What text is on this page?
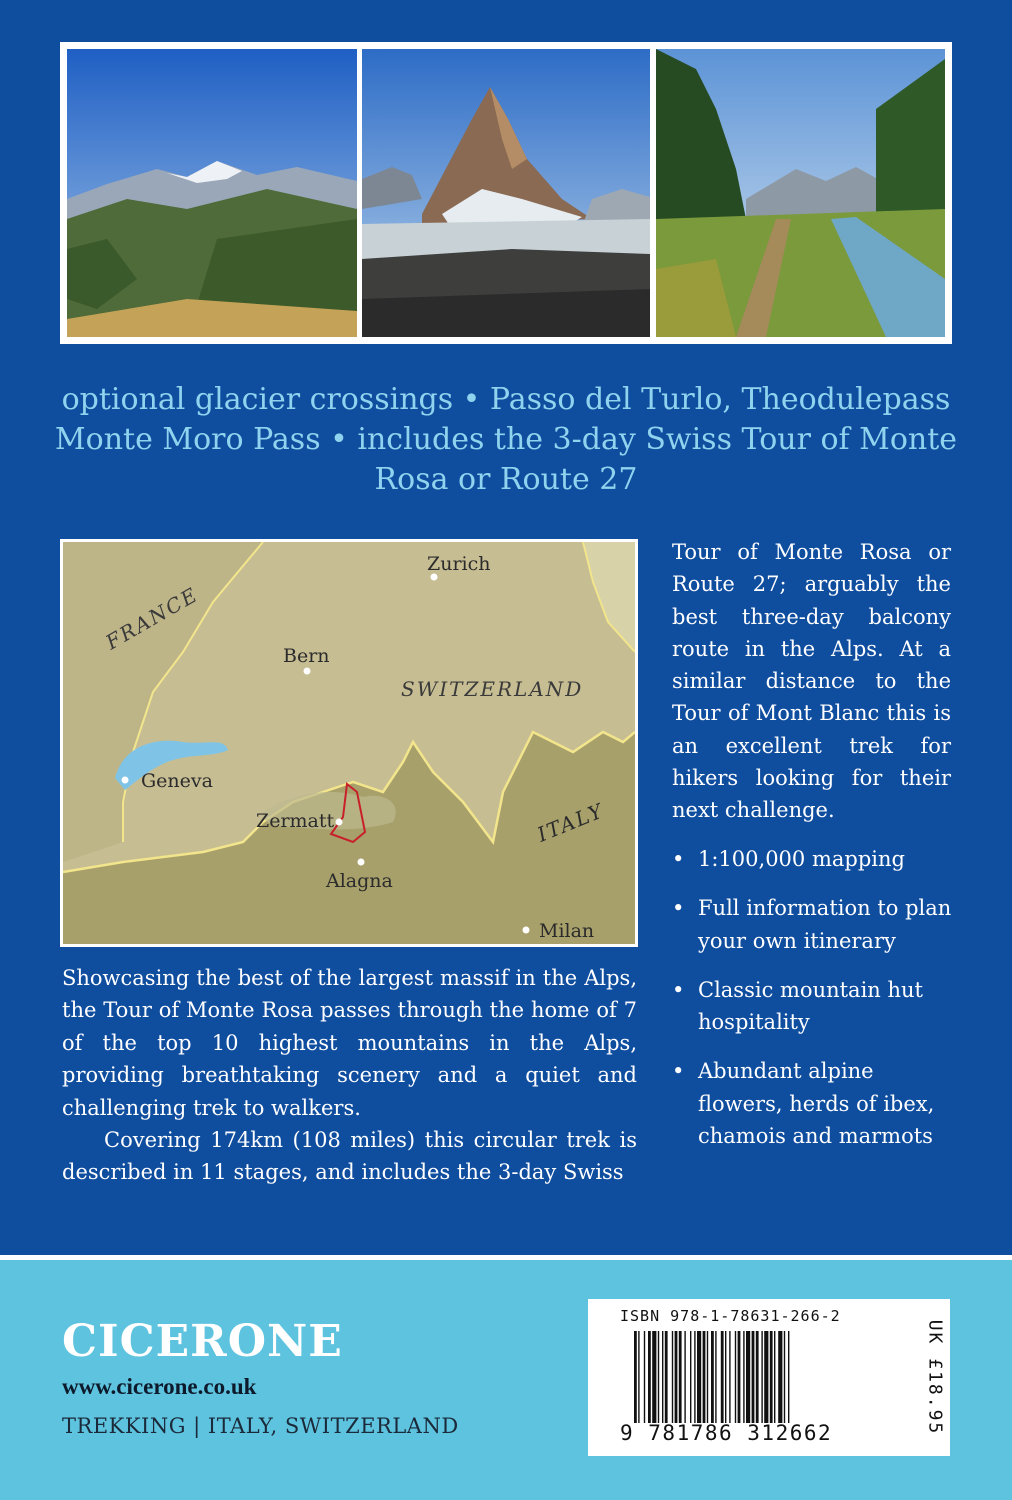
optional glacier crossings • Passo del Turlo, Theodulepass
Monte Moro Pass • includes the 3-day Swiss Tour of Monte
Rosa or Route 27
Zurich
Bern
Geneva
Zermatt
Alagna
Milan
FRANCE
SWITZERLAND
ITALY
Tour of Monte Rosa or Route 27; arguably the best three-day balcony route in the Alps. At a similar distance to the Tour of Mont Blanc this is an excellent trek for hikers looking for their next challenge.
• 1:100,000 mapping
• Full information to plan your own itinerary
• Classic mountain hut hospitality
• Abundant alpine flowers, herds of ibex, chamois and marmots

Showcasing the best of the largest massif in the Alps, the Tour of Monte Rosa passes through the home of 7 of the top 10 highest mountains in the Alps, providing breathtaking scenery and a quiet and challenging trek to walkers.

Covering 174km (108 miles) this circular trek is described in 11 stages, and includes the 3-day Swiss

CICERONE
www.cicerone.co.uk
TREKKING | ITALY, SWITZERLAND
ISBN 978-1-78631-266-2
9 781786 312662	UK £18.95
